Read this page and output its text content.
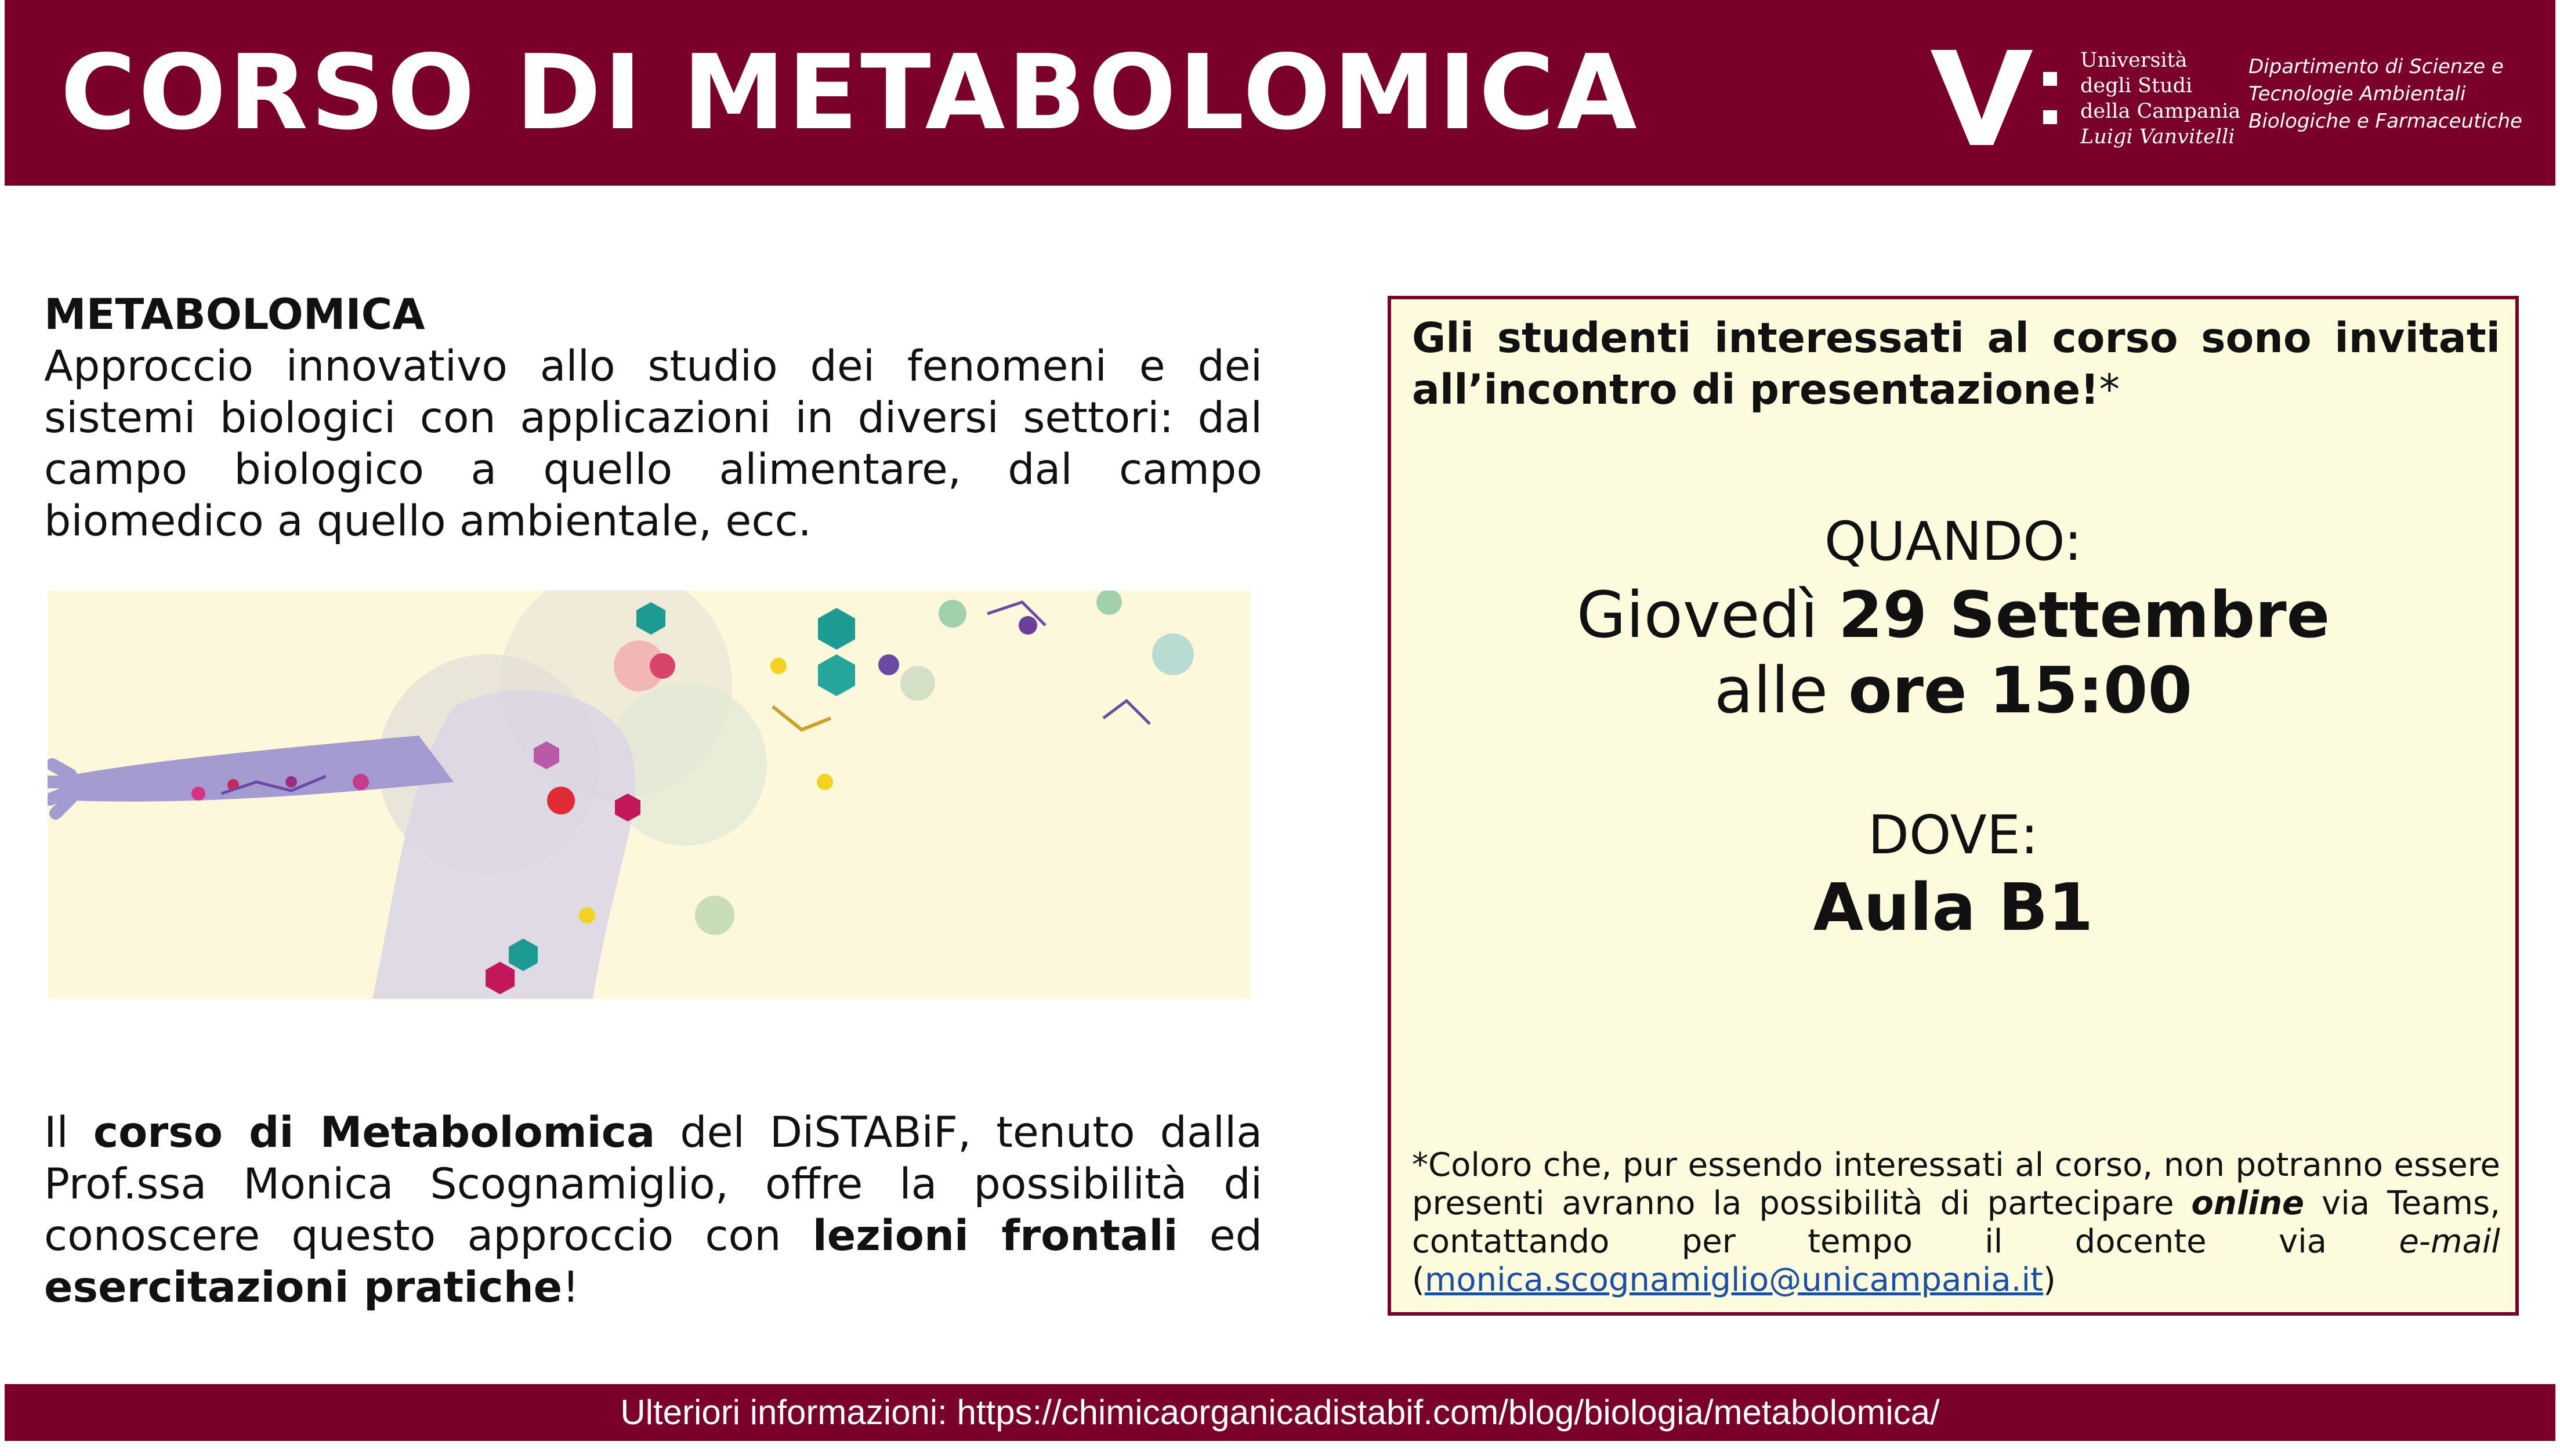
CORSO DI METABOLOMICA	Università
degli Studi
della Campania
Luigi Vanvitelli
Dipartimento di Scienze e
Tecnologie Ambientali
Biologiche e Farmaceutiche
METABOLOMICA
Approccio innovativo allo studio dei fenomeni e dei sistemi biologici con applicazioni in diversi settori: dal campo biologico a quello alimentare, dal campo biomedico a quello ambientale, ecc.
Il corso di Metabolomica del DiSTABiF, tenuto dalla Prof.ssa Monica Scognamiglio, offre la possibilità di conoscere questo approccio con lezioni frontali ed esercitazioni pratiche!
Gli studenti interessati al corso sono invitati all’incontro di presentazione!*
QUANDO:
Giovedì 29 Settembre
alle ore 15:00
DOVE:
Aula B1
*Coloro che, pur essendo interessati al corso, non potranno essere presenti avranno la possibilità di partecipare online via Teams, contattando per tempo il docente via e-mail (monica.scognamiglio@unicampania.it)
Ulteriori informazioni: https://chimicaorganicadistabif.com/blog/biologia/metabolomica/
